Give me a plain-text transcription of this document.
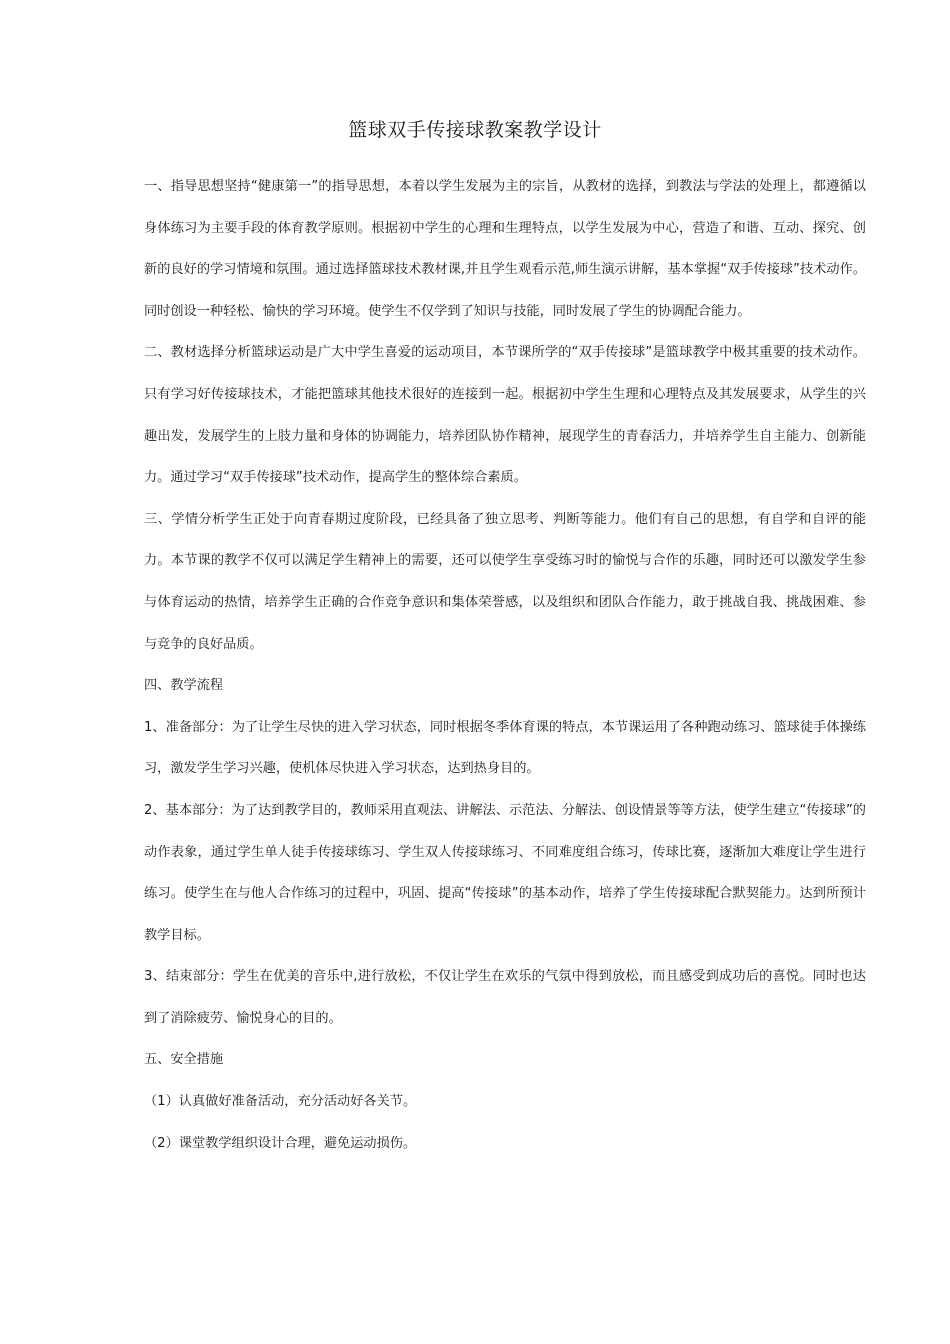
篮球双手传接球教案教学设计

一、指导思想坚持“健康第一”的指导思想，本着以学生发展为主的宗旨，从教材的选择，到教法与学法的处理上，都遵循以身体练习为主要手段的体育教学原则。根据初中学生的心理和生理特点，以学生发展为中心，营造了和谐、互动、探究、创新的良好的学习情境和氛围。通过选择篮球技术教材课,并且学生观看示范,师生演示讲解，基本掌握“双手传接球”技术动作。同时创设一种轻松、愉快的学习环境。使学生不仅学到了知识与技能，同时发展了学生的协调配合能力。

二、教材选择分析篮球运动是广大中学生喜爱的运动项目，本节课所学的“双手传接球”是篮球教学中极其重要的技术动作。只有学习好传接球技术，才能把篮球其他技术很好的连接到一起。根据初中学生生理和心理特点及其发展要求，从学生的兴趣出发，发展学生的上肢力量和身体的协调能力，培养团队协作精神，展现学生的青春活力，并培养学生自主能力、创新能力。通过学习“双手传接球”技术动作，提高学生的整体综合素质。

三、学情分析学生正处于向青春期过度阶段，已经具备了独立思考、判断等能力。他们有自己的思想，有自学和自评的能力。本节课的教学不仅可以满足学生精神上的需要，还可以使学生享受练习时的愉悦与合作的乐趣，同时还可以激发学生参与体育运动的热情，培养学生正确的合作竞争意识和集体荣誉感，以及组织和团队合作能力，敢于挑战自我、挑战困难、参与竞争的良好品质。

四、教学流程

1、准备部分：为了让学生尽快的进入学习状态，同时根据冬季体育课的特点，本节课运用了各种跑动练习、篮球徒手体操练习，激发学生学习兴趣，使机体尽快进入学习状态，达到热身目的。

2、基本部分：为了达到教学目的，教师采用直观法、讲解法、示范法、分解法、创设情景等等方法，使学生建立“传接球”的动作表象，通过学生单人徒手传接球练习、学生双人传接球练习、不同难度组合练习，传球比赛，逐渐加大难度让学生进行练习。使学生在与他人合作练习的过程中，巩固、提高“传接球”的基本动作，培养了学生传接球配合默契能力。达到所预计教学目标。

3、结束部分：学生在优美的音乐中,进行放松，不仅让学生在欢乐的气氛中得到放松，而且感受到成功后的喜悦。同时也达到了消除疲劳、愉悦身心的目的。

五、安全措施

（1）认真做好准备活动，充分活动好各关节。

（2）课堂教学组织设计合理，避免运动损伤。
